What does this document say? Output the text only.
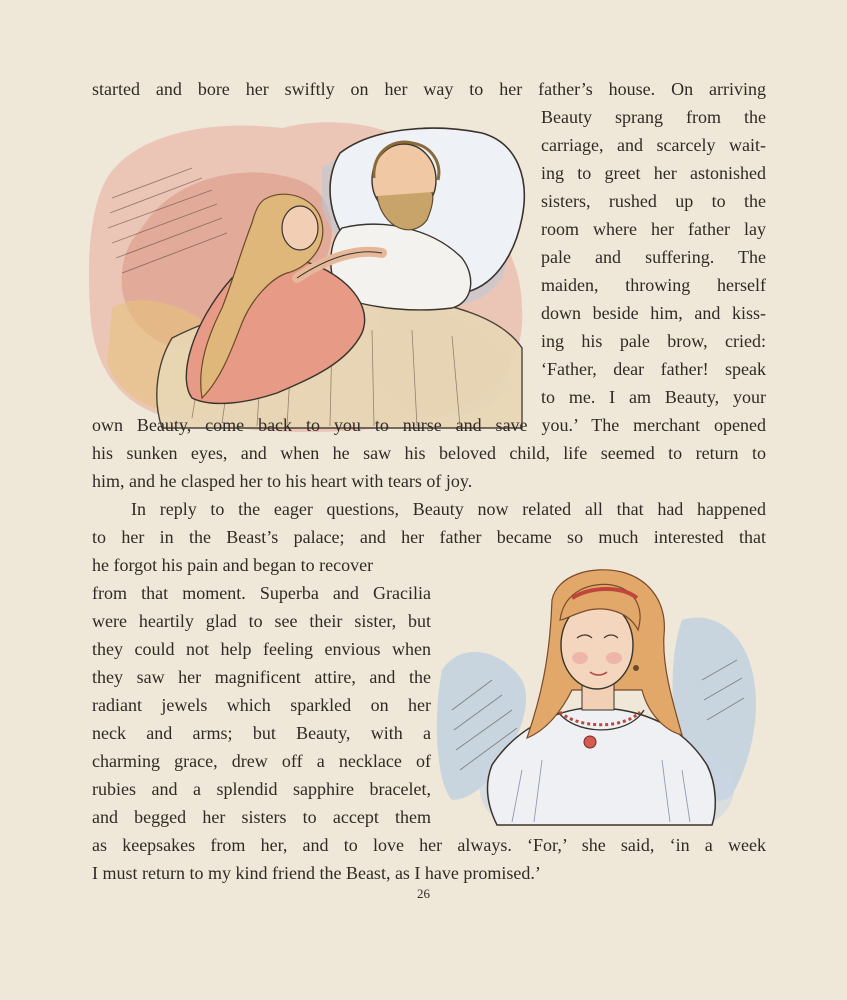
started and bore her swiftly on her way to her father’s house. On arriving
Beauty sprang from the
carriage, and scarcely wait-
ing to greet her astonished
sisters, rushed up to the
room where her father lay
pale and suffering. The
maiden, throwing herself
down beside him, and kiss-
ing his pale brow, cried:
‘Father, dear father! speak
to me. I am Beauty, your
own Beauty, come back to you to nurse and save you.’ The merchant opened
his sunken eyes, and when he saw his beloved child, life seemed to return to
him, and he clasped her to his heart with tears of joy.
In reply to the eager questions, Beauty now related all that had happened
to her in the Beast’s palace; and her father became so much interested that
he forgot his pain and began to recover
from that moment. Superba and Gracilia
were heartily glad to see their sister, but
they could not help feeling envious when
they saw her magnificent attire, and the
radiant jewels which sparkled on her
neck and arms; but Beauty, with a
charming grace, drew off a necklace of
rubies and a splendid sapphire bracelet,
and begged her sisters to accept them
as keepsakes from her, and to love her always. ‘For,’ she said, ‘in a week
I must return to my kind friend the Beast, as I have promised.’
26
